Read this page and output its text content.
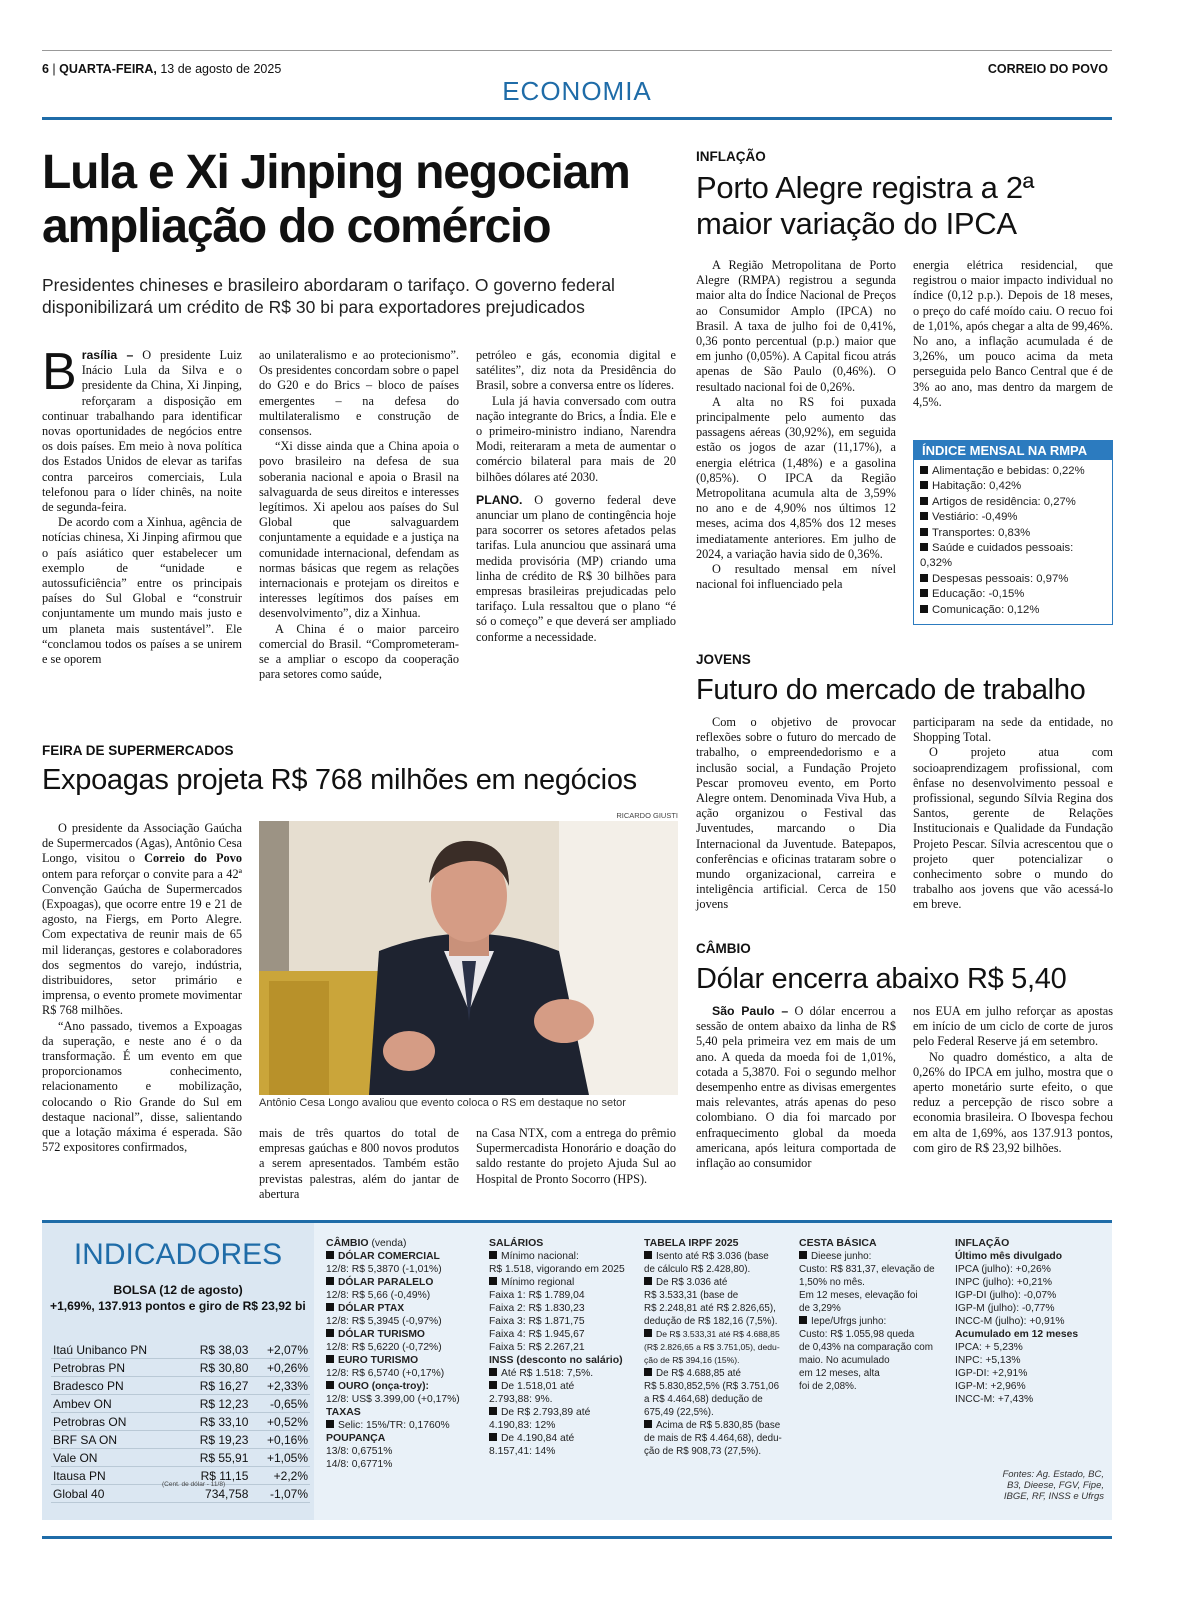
6 | QUARTA-FEIRA, 13 de agosto de 2025	CORREIO DO POVO
ECONOMIA
Lula e Xi Jinping negociam
ampliação do comércio
Presidentes chineses e brasileiro abordaram o tarifaço. O governo federal
disponibilizará um crédito de R$ 30 bi para exportadores prejudicados

Brasília – O presidente Luiz Inácio Lula da Silva e o presidente da China, Xi Jinping, reforçaram a disposição em continuar trabalhando para identificar novas oportunidades de negócios entre os dois países. Em meio à nova política dos Estados Unidos de elevar as tarifas contra parceiros comerciais, Lula telefonou para o líder chinês, na noite de segunda-feira.

De acordo com a Xinhua, agência de notícias chinesa, Xi Jinping afirmou que o país asiático quer estabelecer um exemplo de “unidade e autossuficiência” entre os principais países do Sul Global e “construir conjuntamente um mundo mais justo e um planeta mais sustentável”. Ele “conclamou todos os países a se unirem e se oporem

ao unilateralismo e ao protecionismo”. Os presidentes concordam sobre o papel do G20 e do Brics – bloco de países emergentes – na defesa do multilateralismo e construção de consensos.

“Xi disse ainda que a China apoia o povo brasileiro na defesa de sua soberania nacional e apoia o Brasil na salvaguarda de seus direitos e interesses legítimos. Xi apelou aos países do Sul Global que salvaguardem conjuntamente a equidade e a justiça na comunidade internacional, defendam as normas básicas que regem as relações internacionais e protejam os direitos e interesses legítimos dos países em desenvolvimento”, diz a Xinhua.

A China é o maior parceiro comercial do Brasil. “Comprometeram-se a ampliar o escopo da cooperação para setores como saúde,

petróleo e gás, economia digital e satélites”, diz nota da Presidência do Brasil, sobre a conversa entre os líderes.

Lula já havia conversado com outra nação integrante do Brics, a Índia. Ele e o primeiro-ministro indiano, Narendra Modi, reiteraram a meta de aumentar o comércio bilateral para mais de 20 bilhões dólares até 2030.

PLANO. O governo federal deve anunciar um plano de contingência hoje para socorrer os setores afetados pelas tarifas. Lula anunciou que assinará uma medida provisória (MP) criando uma linha de crédito de R$ 30 bilhões para empresas brasileiras prejudicadas pelo tarifaço. Lula ressaltou que o plano “é só o começo” e que deverá ser ampliado conforme a necessidade.

FEIRA DE SUPERMERCADOS
Expoagas projeta R$ 768 milhões em negócios
RICARDO GIUSTI
Antônio Cesa Longo avaliou que evento coloca o RS em destaque no setor

O presidente da Associação Gaúcha de Supermercados (Agas), Antônio Cesa Longo, visitou o Correio do Povo ontem para reforçar o convite para a 42ª Convenção Gaúcha de Supermercados (Expoagas), que ocorre entre 19 e 21 de agosto, na Fiergs, em Porto Alegre. Com expectativa de reunir mais de 65 mil lideranças, gestores e colaboradores dos segmentos do varejo, indústria, distribuidores, setor primário e imprensa, o evento promete movimentar R$ 768 milhões.

“Ano passado, tivemos a Expoagas da superação, e neste ano é o da transformação. É um evento em que proporcionamos conhecimento, relacionamento e mobilização, colocando o Rio Grande do Sul em destaque nacional”, disse, salientando que a lotação máxima é esperada. São 572 expositores confirmados,

mais de três quartos do total de empresas gaúchas e 800 novos produtos a serem apresentados. Também estão previstas palestras, além do jantar de abertura
na Casa NTX, com a entrega do prêmio Supermercadista Honorário e doação do saldo restante do projeto Ajuda Sul ao Hospital de Pronto Socorro (HPS).
INFLAÇÃO
Porto Alegre registra a 2ª
maior variação do IPCA

A Região Metropolitana de Porto Alegre (RMPA) registrou a segunda maior alta do Índice Nacional de Preços ao Consumidor Amplo (IPCA) no Brasil. A taxa de julho foi de 0,41%, 0,36 ponto percentual (p.p.) maior que em junho (0,05%). A Capital ficou atrás apenas de São Paulo (0,46%). O resultado nacional foi de 0,26%.

A alta no RS foi puxada principalmente pelo aumento das passagens aéreas (30,92%), em seguida estão os jogos de azar (11,17%), a energia elétrica (1,48%) e a gasolina (0,85%). O IPCA da Região Metropolitana acumula alta de 3,59% no ano e de 4,90% nos últimos 12 meses, acima dos 4,85% dos 12 meses imediatamente anteriores. Em julho de 2024, a variação havia sido de 0,36%.

O resultado mensal em nível nacional foi influenciado pela

energia elétrica residencial, que registrou o maior impacto individual no índice (0,12 p.p.). Depois de 18 meses, o preço do café moído caiu. O recuo foi de 1,01%, após chegar a alta de 99,46%. No ano, a inflação acumulada é de 3,26%, um pouco acima da meta perseguida pelo Banco Central que é de 3% ao ano, mas dentro da margem de 4,5%.

ÍNDICE MENSAL NA RMPA
Alimentação e bebidas: 0,22%
Habitação: 0,42%
Artigos de residência: 0,27%
Vestiário: -0,49%
Transportes: 0,83%
Saúde e cuidados pessoais: 0,32%
Despesas pessoais: 0,97%
Educação: -0,15%
Comunicação: 0,12%
JOVENS
Futuro do mercado de trabalho

Com o objetivo de provocar reflexões sobre o futuro do mercado de trabalho, o empreendedorismo e a inclusão social, a Fundação Projeto Pescar promoveu evento, em Porto Alegre ontem. Denominada Viva Hub, a ação organizou o Festival das Juventudes, marcando o Dia Internacional da Juventude. Batepapos, conferências e oficinas trataram sobre o mundo organizacional, carreira e inteligência artificial. Cerca de 150 jovens

participaram na sede da entidade, no Shopping Total.

O projeto atua com socioaprendizagem profissional, com ênfase no desenvolvimento pessoal e profissional, segundo Sílvia Regina dos Santos, gerente de Relações Institucionais e Qualidade da Fundação Projeto Pescar. Sílvia acrescentou que o projeto quer potencializar o conhecimento sobre o mundo do trabalho aos jovens que vão acessá-lo em breve.

CÂMBIO
Dólar encerra abaixo R$ 5,40

São Paulo – O dólar encerrou a sessão de ontem abaixo da linha de R$ 5,40 pela primeira vez em mais de um ano. A queda da moeda foi de 1,01%, cotada a 5,3870. Foi o segundo melhor desempenho entre as divisas emergentes mais relevantes, atrás apenas do peso colombiano. O dia foi marcado por enfraquecimento global da moeda americana, após leitura comportada de inflação ao consumidor

nos EUA em julho reforçar as apostas em início de um ciclo de corte de juros pelo Federal Reserve já em setembro.

No quadro doméstico, a alta de 0,26% do IPCA em julho, mostra que o aperto monetário surte efeito, o que reduz a percepção de risco sobre a economia brasileira. O Ibovespa fechou em alta de 1,69%, aos 137.913 pontos, com giro de R$ 23,92 bilhões.

INDICADORES
BOLSA (12 de agosto)
+1,69%, 137.913 pontos e giro de R$ 23,92 bi
Itaú Unibanco PN	R$ 38,03	+2,07%
Petrobras PN	R$ 30,80	+0,26%
Bradesco PN	R$ 16,27	+2,33%
Ambev ON	R$ 12,23	-0,65%
Petrobras ON	R$ 33,10	+0,52%
BRF SA ON	R$ 19,23	+0,16%
Vale ON	R$ 55,91	+1,05%
Itausa PN	R$ 11,15	+2,2%
Global 40	734,758	-1,07%
(Cent. de dólar - 11/8)
CÂMBIO (venda)
DÓLAR COMERCIAL
12/8: R$ 5,3870 (-1,01%)
DÓLAR PARALELO
12/8: R$ 5,66 (-0,49%)
DÓLAR PTAX
12/8: R$ 5,3945 (-0,97%)
DÓLAR TURISMO
12/8: R$ 5,6220 (-0,72%)
EURO TURISMO
12/8: R$ 6,5740 (+0,17%)
OURO (onça-troy):
12/8: US$ 3.399,00 (+0,17%)
TAXAS
Selic: 15%/TR: 0,1760%
POUPANÇA
13/8: 0,6751%
14/8: 0,6771%
SALÁRIOS
Mínimo nacional:
R$ 1.518, vigorando em 2025
Mínimo regional
Faixa 1: R$ 1.789,04
Faixa 2: R$ 1.830,23
Faixa 3: R$ 1.871,75
Faixa 4: R$ 1.945,67
Faixa 5: R$ 2.267,21
INSS (desconto no salário)
Até R$ 1.518: 7,5%.
De 1.518,01 até
2.793,88: 9%.
De R$ 2.793,89 até
4.190,83: 12%
De 4.190,84 até
8.157,41: 14%
TABELA IRPF 2025
Isento até R$ 3.036 (base
de cálculo R$ 2.428,80).
De R$ 3.036 até
R$ 3.533,31 (base de
R$ 2.248,81 até R$ 2.826,65),
dedução de R$ 182,16 (7,5%).
De R$ 3.533,31 até R$ 4.688,85
(R$ 2.826,65 a R$ 3.751,05), dedu-
ção de R$ 394,16 (15%).
De R$ 4.688,85 até
R$ 5.830,852,5% (R$ 3.751,06
a R$ 4.464,68) dedução de
675,49 (22,5%).
Acima de R$ 5.830,85 (base
de mais de R$ 4.464,68), dedu-
ção de R$ 908,73 (27,5%).
CESTA BÁSICA
Dieese junho:
Custo: R$ 831,37, elevação de
1,50% no mês.
Em 12 meses, elevação foi
de 3,29%
Iepe/Ufrgs junho:
Custo: R$ 1.055,98 queda
de 0,43% na comparação com
maio. No acumulado
em 12 meses, alta
foi de 2,08%.
INFLAÇÃO
Último mês divulgado
IPCA (julho): +0,26%
INPC (julho): +0,21%
IGP-DI (julho): -0,07%
IGP-M (julho): -0,77%
INCC-M (julho): +0,91%
Acumulado em 12 meses
IPCA: + 5,23%
INPC: +5,13%
IGP-DI: +2,91%
IGP-M: +2,96%
INCC-M: +7,43%
Fontes: Ag. Estado, BC,
B3, Dieese, FGV, Fipe,
IBGE, RF, INSS e Ufrgs
